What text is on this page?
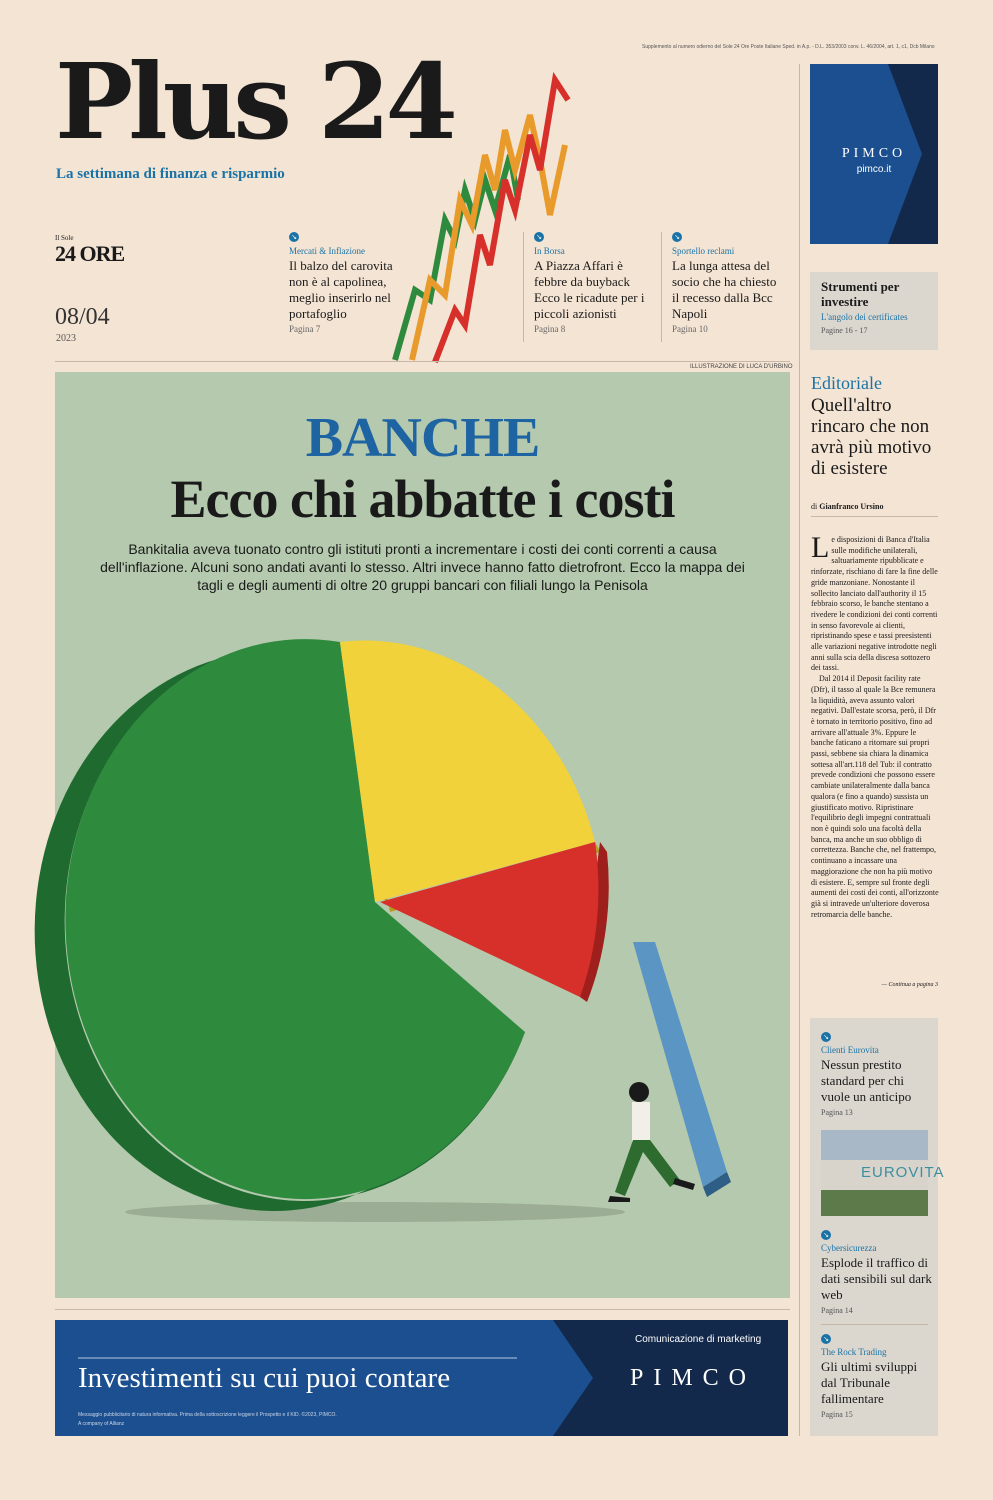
Supplemento al numero odierno del Sole 24 Ore Poste Italiane Sped. in A.p. - D.L. 353/2003 conv. L. 46/2004, art. 1, c1, Dcb Milano
Plus 24
La settimana di finanza e risparmio
Il Sole
24 ORE
08/04
2023
↘
Mercati & Inflazione
Il balzo del carovita non è al capolinea, meglio inserirlo nel portafoglio
Pagina 7
↘
In Borsa
A Piazza Affari è febbre da buyback Ecco le ricadute per i piccoli azionisti
Pagina 8
↘
Sportello reclami
La lunga attesa del socio che ha chiesto il recesso dalla Bcc Napoli
Pagina 10
ILLUSTRAZIONE DI LUCA D'URBINO
BANCHE
Ecco chi abbatte i costi
Bankitalia aveva tuonato contro gli istituti pronti a incrementare i costi dei conti correnti a causa dell'inflazione. Alcuni sono andati avanti lo stesso. Altri invece hanno fatto dietrofront. Ecco la mappa dei tagli e degli aumenti di oltre 20 gruppi bancari con filiali lungo la Penisola
PIMCO
pimco.it
Strumenti per investire
L'angolo dei certificates
Pagine 16 - 17
Editoriale
Quell'altro rincaro che non avrà più motivo di esistere
di Gianfranco Ursino
Le disposizioni di Banca d'Italia sulle modifiche unilaterali, saltuariamente ripubblicate e rinforzate, rischiano di fare la fine delle gride manzoniane. Nonostante il sollecito lanciato dall'authority il 15 febbraio scorso, le banche stentano a rivedere le condizioni dei conti correnti in senso favorevole ai clienti, ripristinando spese e tassi preesistenti alle variazioni negative introdotte negli anni sulla scia della discesa sottozero dei tassi.
Dal 2014 il Deposit facility rate (Dfr), il tasso al quale la Bce remunera la liquidità, aveva assunto valori negativi. Dall'estate scorsa, però, il Dfr è tornato in territorio positivo, fino ad arrivare all'attuale 3%. Eppure le banche faticano a ritornare sui propri passi, sebbene sia chiara la dinamica sottesa all'art.118 del Tub: il contratto prevede condizioni che possono essere cambiate unilateralmente dalla banca qualora (e fino a quando) sussista un giustificato motivo. Ripristinare l'equilibrio degli impegni contrattuali non è quindi solo una facoltà della banca, ma anche un suo obbligo di correttezza. Banche che, nel frattempo, continuano a incassare una maggiorazione che non ha più motivo di esistere. E, sempre sul fronte degli aumenti dei costi dei conti, all'orizzonte già si intravede un'ulteriore doverosa retromarcia delle banche.
— Continua a pagina 3
↘
Clienti Eurovita
Nessun prestito standard per chi vuole un anticipo
Pagina 13
EUROVITA
↘
Cybersicurezza
Esplode il traffico di dati sensibili sul dark web
Pagina 14
↘
The Rock Trading
Gli ultimi sviluppi dal Tribunale fallimentare
Pagina 15
Investimenti su cui puoi contare
Comunicazione di marketing
PIMCO
Messaggio pubblicitario di natura informativa. Prima della sottoscrizione leggere il Prospetto e il KID. ©2023, PIMCO.
A company of Allianz
